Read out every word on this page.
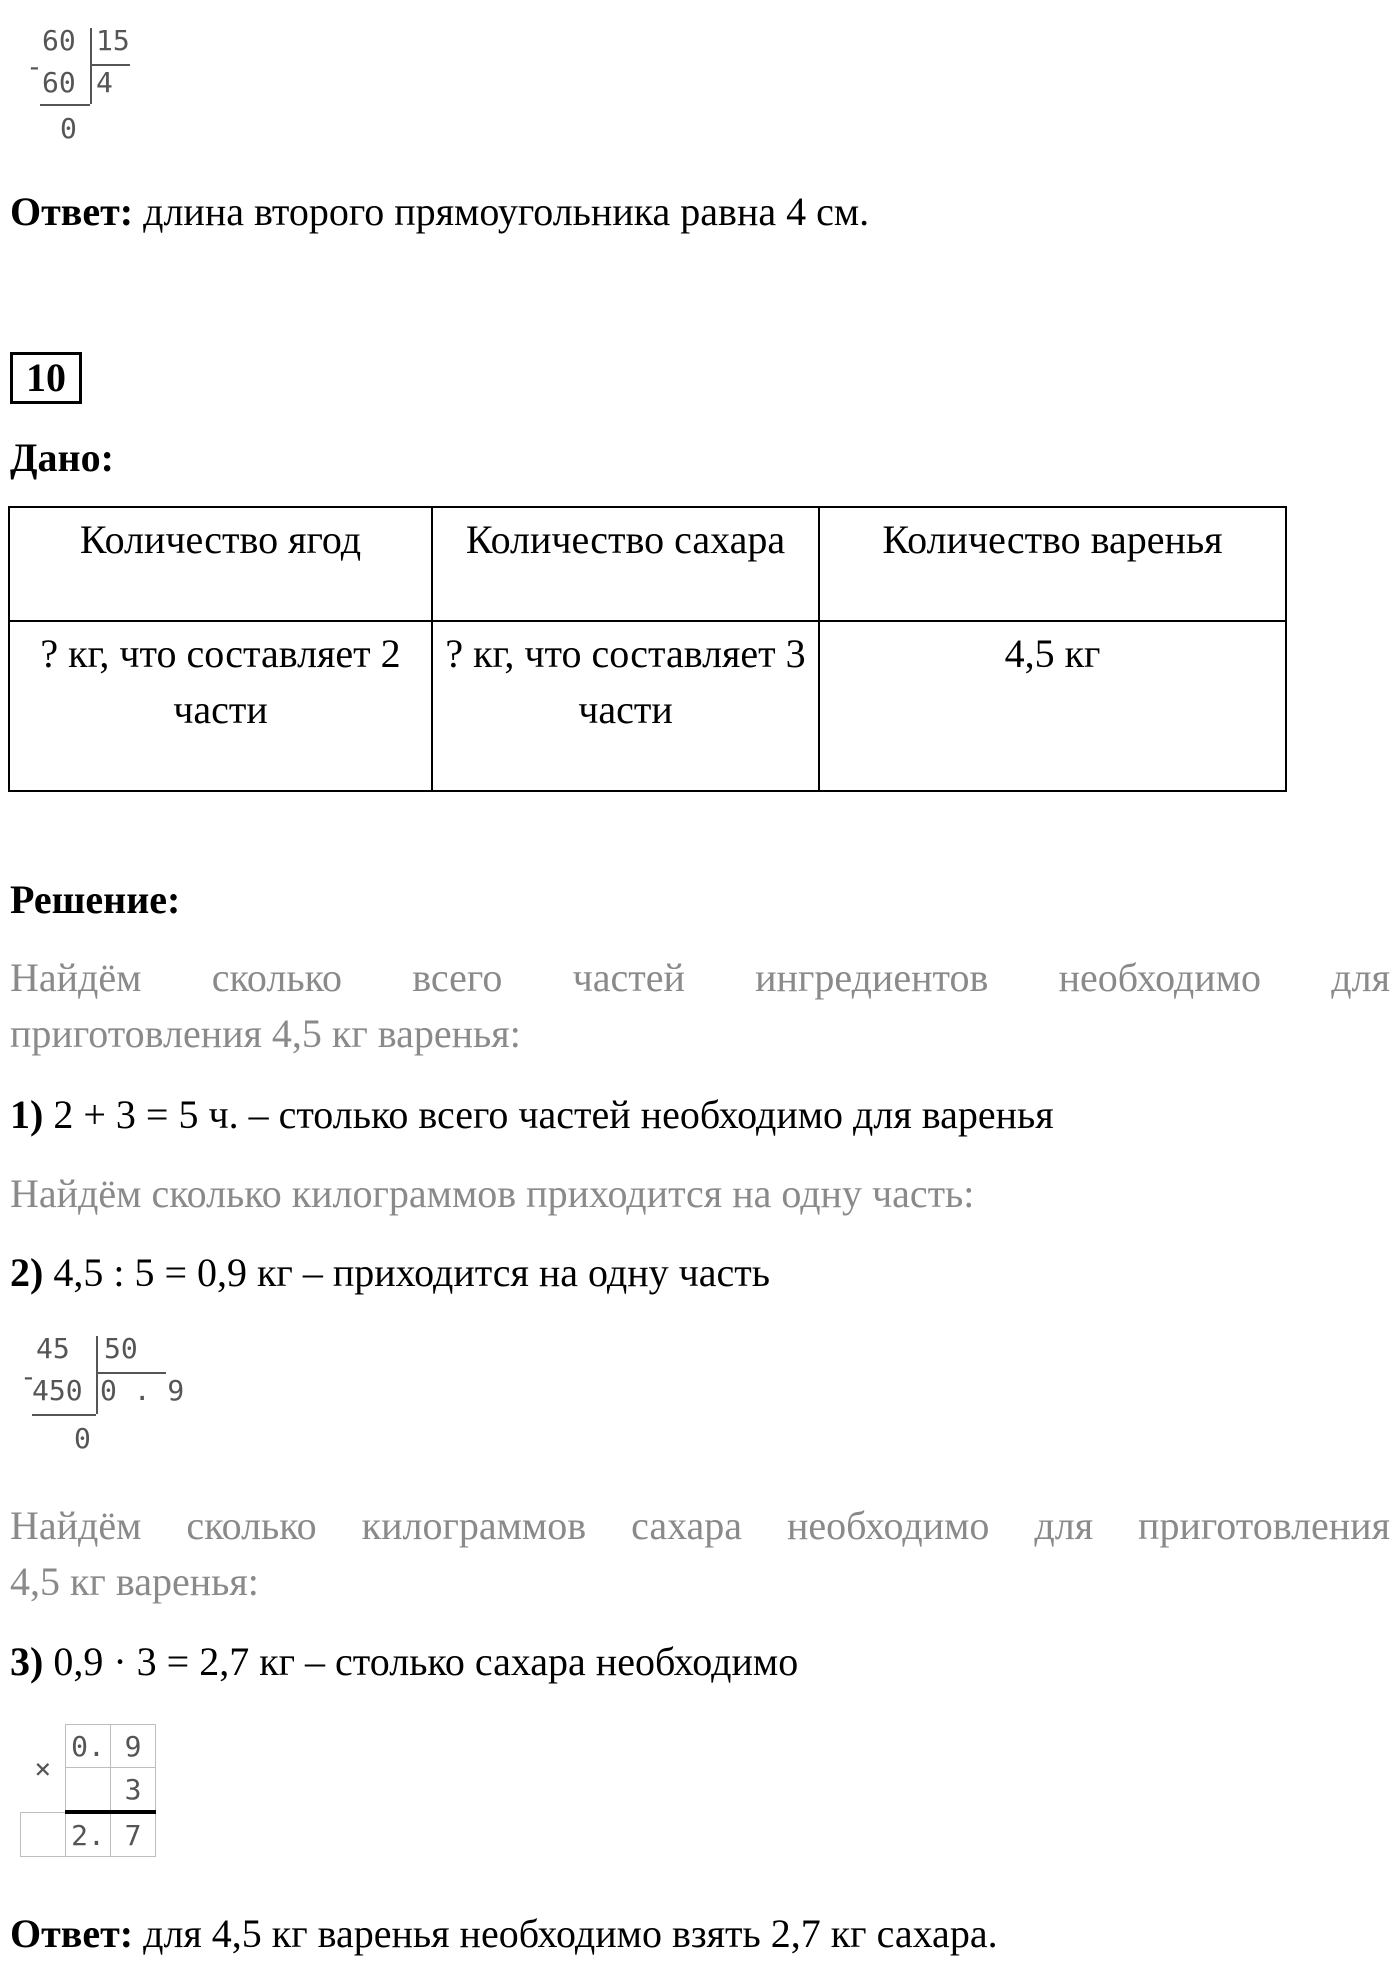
-
60 15
60 4
0
Ответ: длина второго прямоугольника равна 4 см.
10
Дано:
Количество ягод	Количество сахара	Количество варенья
? кг, что составляет 2 части	? кг, что составляет 3 части	4,5 кг
Решение:
Найдём сколько всего частей ингредиентов необходимо для
приготовления 4,5 кг варенья:
1) 2 + 3 = 5 ч. – столько всего частей необходимо для варенья
Найдём сколько килограммов приходится на одну часть:
2) 4,5 : 5 = 0,9 кг – приходится на одну часть
-
45 50
450 0 . 9
0
Найдём сколько килограммов сахара необходимо для приготовления
4,5 кг варенья:
3) 0,9 · 3 = 2,7 кг – столько сахара необходимо
×	0.	9
		3
	2.	7
Ответ: для 4,5 кг варенья необходимо взять 2,7 кг сахара.
